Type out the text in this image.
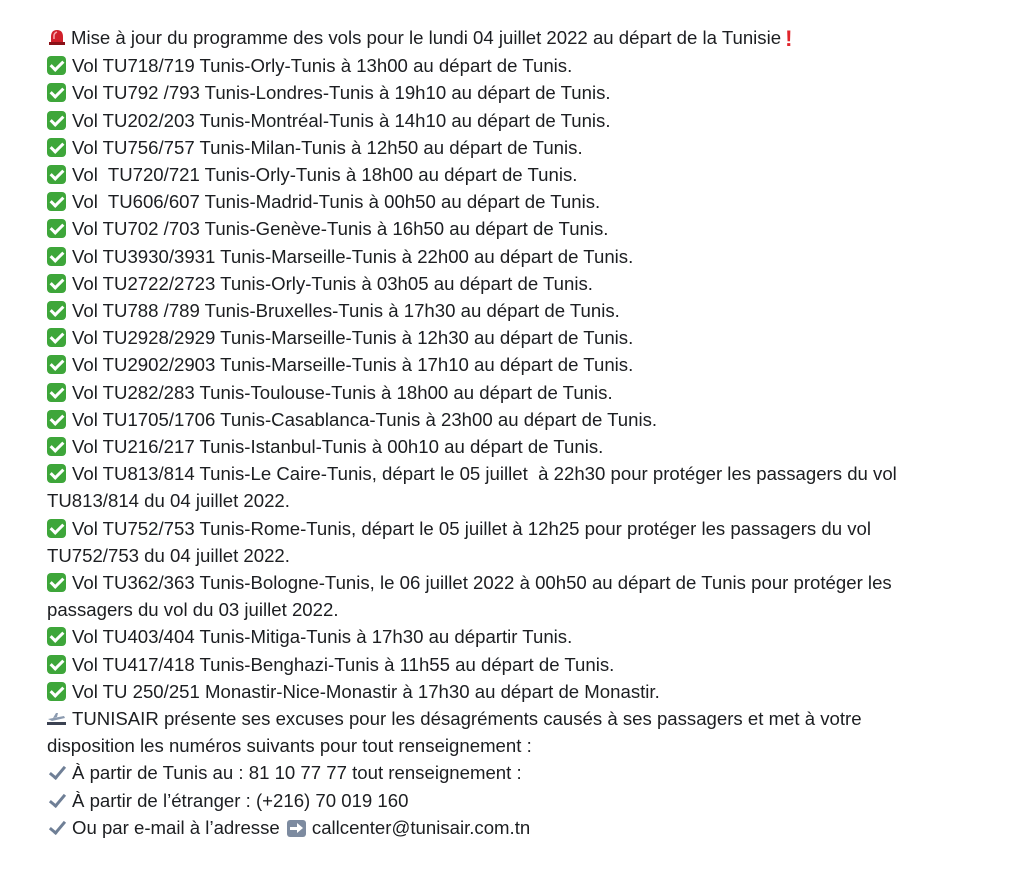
Mise à jour du programme des vols pour le lundi 04 juillet 2022 au départ de la Tunisie !
Vol TU718/719 Tunis-Orly-Tunis à 13h00 au départ de Tunis.
Vol TU792 /793 Tunis-Londres-Tunis à 19h10 au départ de Tunis.
Vol TU202/203 Tunis-Montréal-Tunis à 14h10 au départ de Tunis.
Vol TU756/757 Tunis-Milan-Tunis à 12h50 au départ de Tunis.
Vol  TU720/721 Tunis-Orly-Tunis à 18h00 au départ de Tunis.
Vol  TU606/607 Tunis-Madrid-Tunis à 00h50 au départ de Tunis.
Vol TU702 /703 Tunis-Genève-Tunis à 16h50 au départ de Tunis.
Vol TU3930/3931 Tunis-Marseille-Tunis à 22h00 au départ de Tunis.
Vol TU2722/2723 Tunis-Orly-Tunis à 03h05 au départ de Tunis.
Vol TU788 /789 Tunis-Bruxelles-Tunis à 17h30 au départ de Tunis.
Vol TU2928/2929 Tunis-Marseille-Tunis à 12h30 au départ de Tunis.
Vol TU2902/2903 Tunis-Marseille-Tunis à 17h10 au départ de Tunis.
Vol TU282/283 Tunis-Toulouse-Tunis à 18h00 au départ de Tunis.
Vol TU1705/1706 Tunis-Casablanca-Tunis à 23h00 au départ de Tunis.
Vol TU216/217 Tunis-Istanbul-Tunis à 00h10 au départ de Tunis.
Vol TU813/814 Tunis-Le Caire-Tunis, départ le 05 juillet  à 22h30 pour protéger les passagers du vol TU813/814 du 04 juillet 2022.
Vol TU752/753 Tunis-Rome-Tunis, départ le 05 juillet à 12h25 pour protéger les passagers du vol TU752/753 du 04 juillet 2022.
Vol TU362/363 Tunis-Bologne-Tunis, le 06 juillet 2022 à 00h50 au départ de Tunis pour protéger les passagers du vol du 03 juillet 2022.
Vol TU403/404 Tunis-Mitiga-Tunis à 17h30 au départir Tunis.
Vol TU417/418 Tunis-Benghazi-Tunis à 11h55 au départ de Tunis.
Vol TU 250/251 Monastir-Nice-Monastir à 17h30 au départ de Monastir.
TUNISAIR présente ses excuses pour les désagréments causés à ses passagers et met à votre disposition les numéros suivants pour tout renseignement :
À partir de Tunis au : 81 10 77 77 tout renseignement :
À partir de l’étranger : (+216) 70 019 160
Ou par e-mail à l’adresse callcenter@tunisair.com.tn
